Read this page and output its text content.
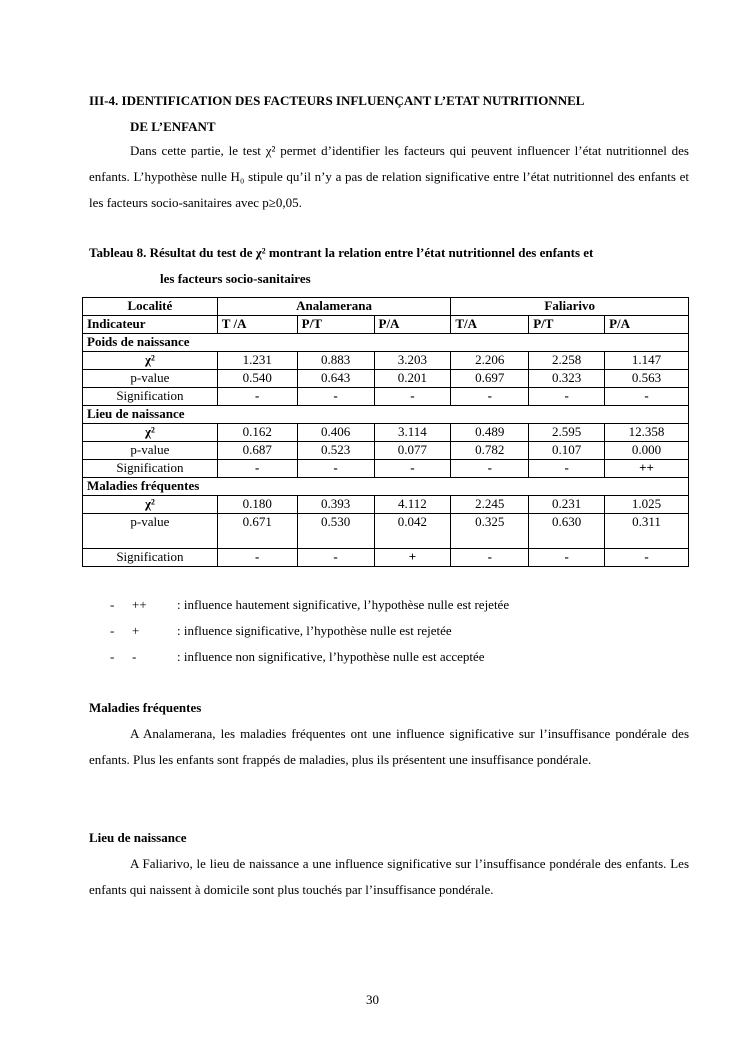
III-4. IDENTIFICATION DES FACTEURS INFLUENÇANT L’ETAT NUTRITIONNEL
DE L’ENFANT
Dans cette partie, le test χ² permet d’identifier les facteurs qui peuvent influencer l’état nutritionnel des enfants. L’hypothèse nulle H₀ stipule qu’il n’y a pas de relation significative entre l’état nutritionnel des enfants et les facteurs socio-sanitaires avec p≥0,05.
Tableau 8. Résultat du test de χ² montrant la relation entre l’état nutritionnel des enfants et
les facteurs socio-sanitaires
Localité	Analamerana			Faliarivo		
Indicateur	T /A	P/T	P/A	T/A	P/T	P/A
Poids de naissance						
χ²	1.231	0.883	3.203	2.206	2.258	1.147
p-value	0.540	0.643	0.201	0.697	0.323	0.563
Signification	-	-	-	-	-	-
Lieu de naissance						
χ²	0.162	0.406	3.114	0.489	2.595	12.358
p-value	0.687	0.523	0.077	0.782	0.107	0.000
Signification	-	-	-	-	-	++
Maladies fréquentes						
χ²	0.180	0.393	4.112	2.245	0.231	1.025
p-value	0.671	0.530	0.042	0.325	0.630	0.311
Signification	-	-	+	-	-	-
- ++ : influence hautement significative, l’hypothèse nulle est rejetée
- +	: influence significative, l’hypothèse nulle est rejetée
- -	: influence non significative, l’hypothèse nulle est acceptée
Maladies fréquentes
A Analamerana, les maladies fréquentes ont une influence significative sur l’insuffisance pondérale des enfants. Plus les enfants sont frappés de maladies, plus ils présentent une insuffisance pondérale.
Lieu de naissance
A Faliarivo, le lieu de naissance a une influence significative sur l’insuffisance pondérale des enfants. Les enfants qui naissent à domicile sont plus touchés par l’insuffisance pondérale.
30
